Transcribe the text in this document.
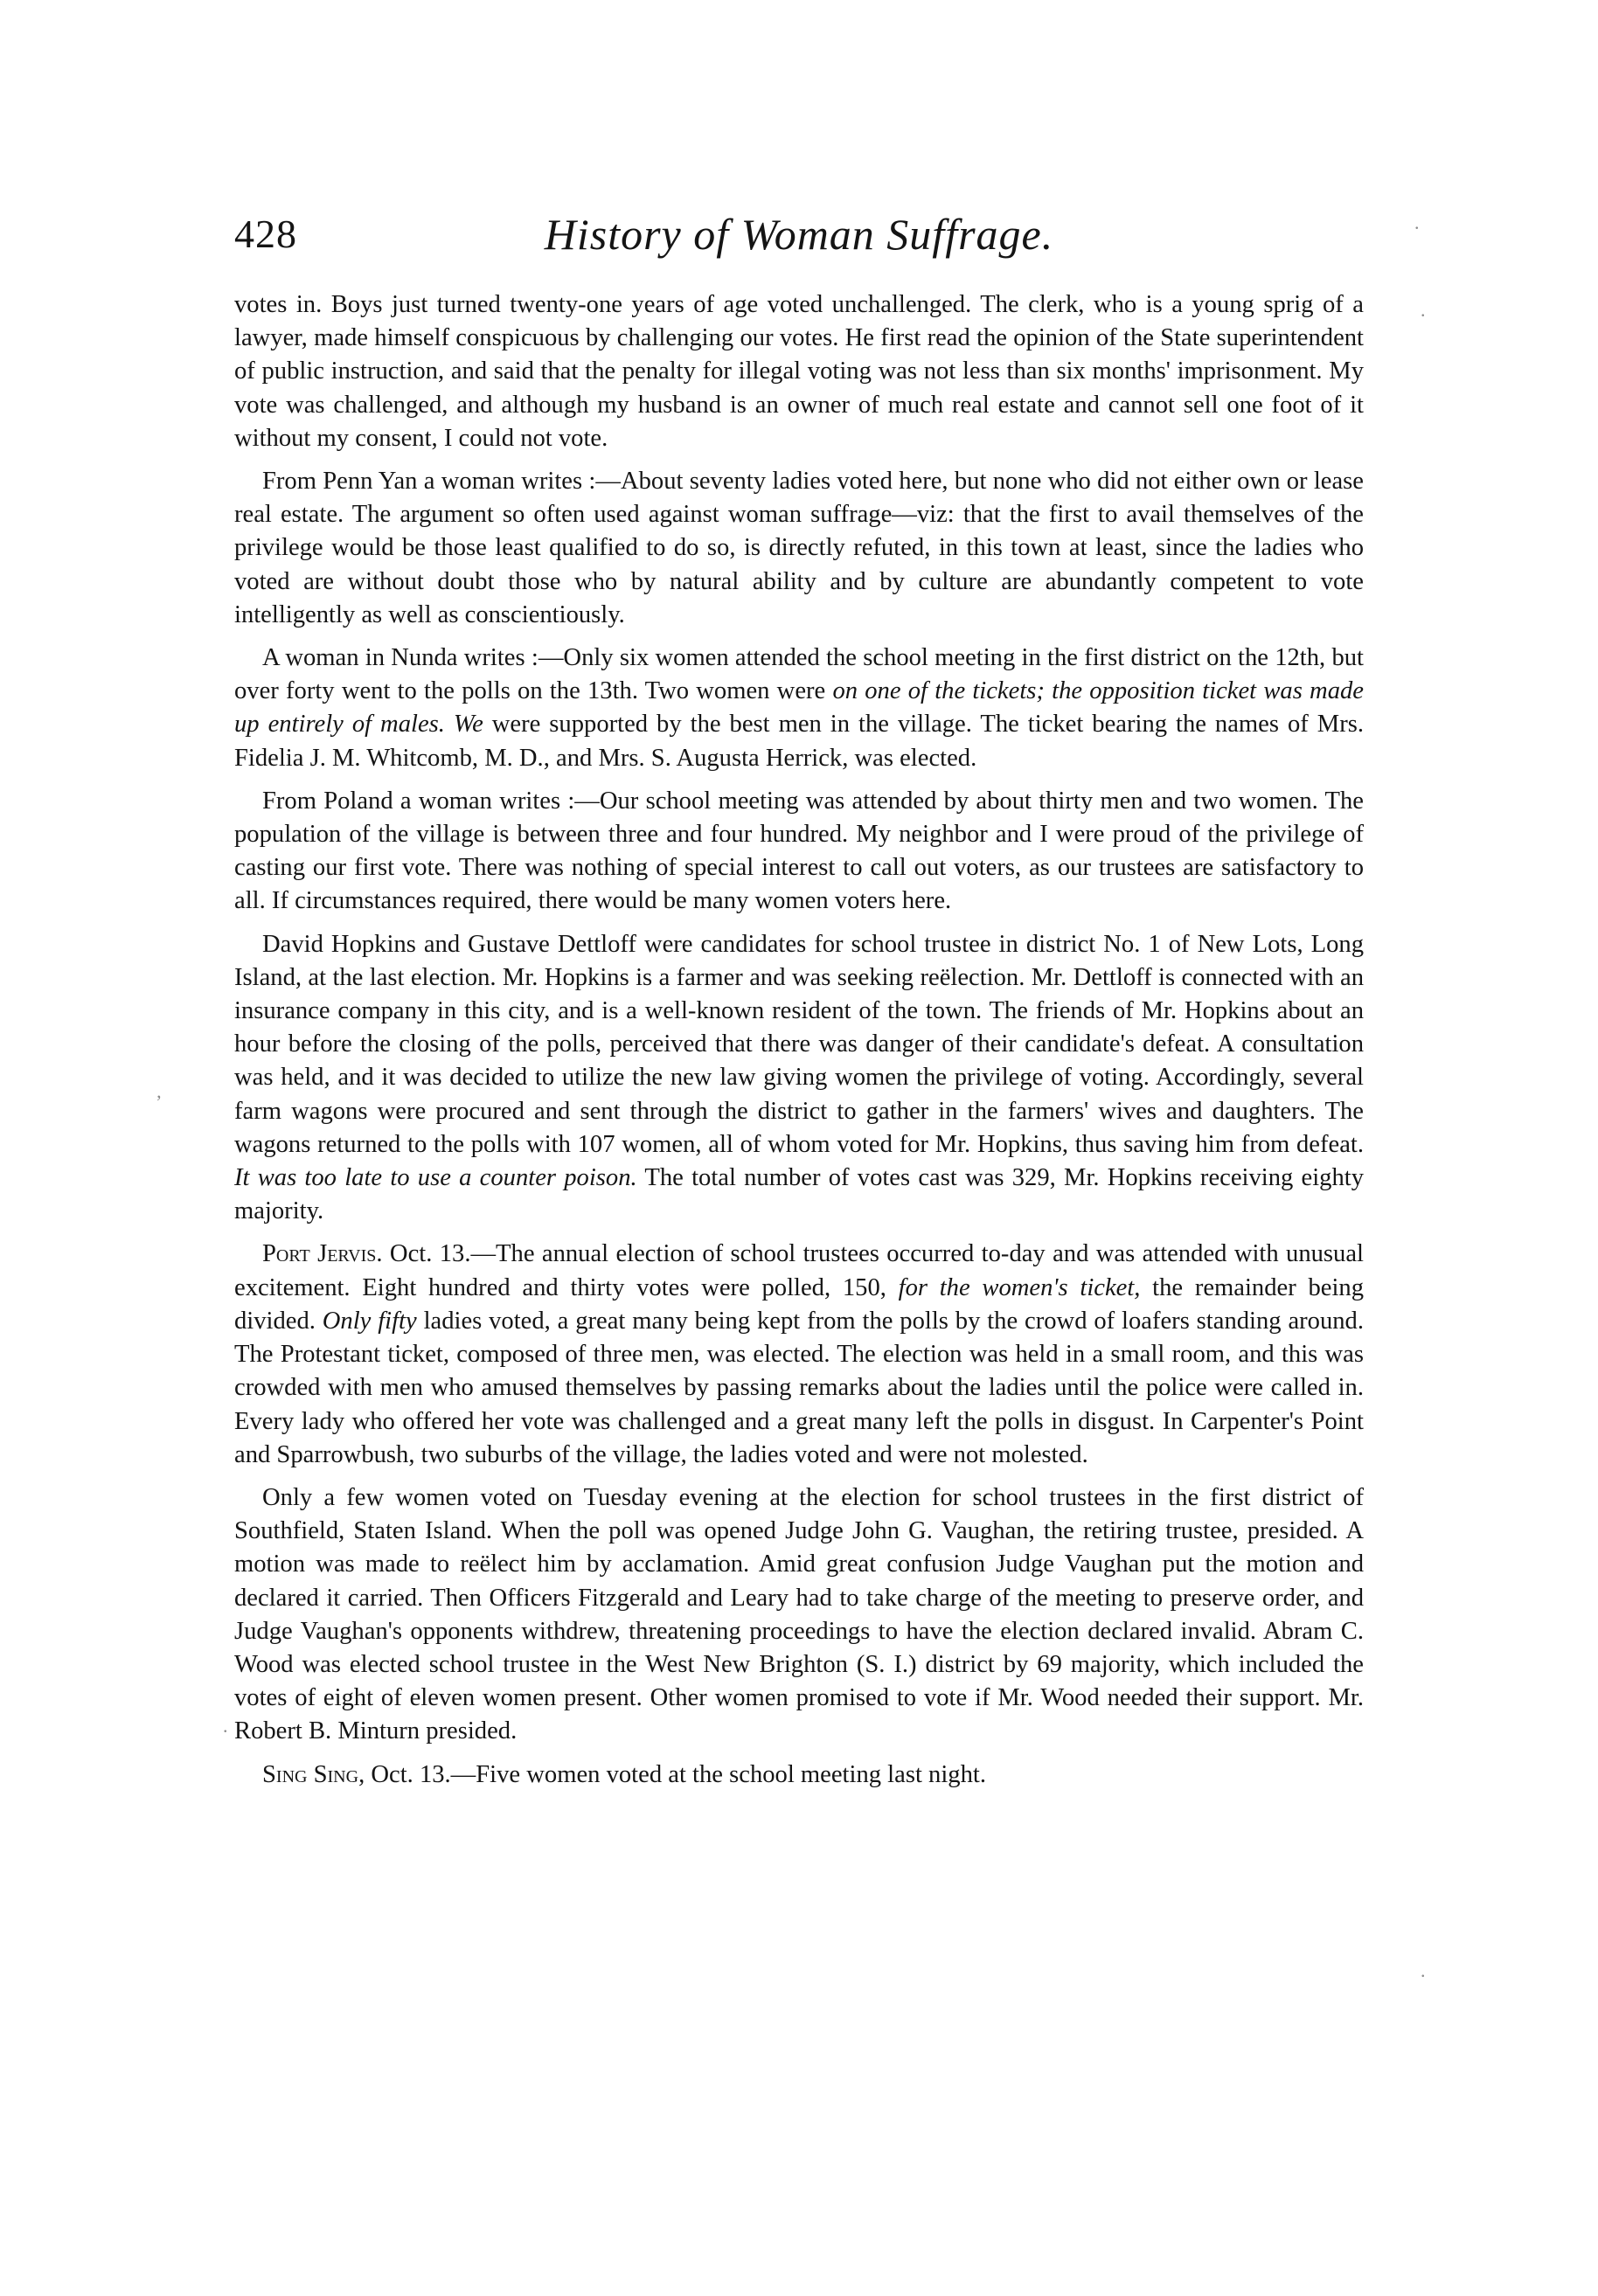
428	History of Woman Suffrage.

votes in. Boys just turned twenty-one years of age voted unchallenged. The clerk, who is a young sprig of a lawyer, made himself conspicuous by challenging our votes. He first read the opinion of the State superintendent of public instruction, and said that the penalty for illegal voting was not less than six months' imprisonment. My vote was challenged, and although my husband is an owner of much real estate and cannot sell one foot of it without my consent, I could not vote.

From Penn Yan a woman writes :—About seventy ladies voted here, but none who did not either own or lease real estate. The argument so often used against woman suffrage—viz: that the first to avail themselves of the privilege would be those least qualified to do so, is directly refuted, in this town at least, since the ladies who voted are without doubt those who by natural ability and by culture are abundantly competent to vote intelligently as well as conscientiously.

A woman in Nunda writes :—Only six women attended the school meeting in the first district on the 12th, but over forty went to the polls on the 13th. Two women were on one of the tickets; the opposition ticket was made up entirely of males. We were supported by the best men in the village. The ticket bearing the names of Mrs. Fidelia J. M. Whitcomb, M. D., and Mrs. S. Augusta Herrick, was elected.

From Poland a woman writes :—Our school meeting was attended by about thirty men and two women. The population of the village is between three and four hundred. My neighbor and I were proud of the privilege of casting our first vote. There was nothing of special interest to call out voters, as our trustees are satisfactory to all. If circumstances required, there would be many women voters here.

David Hopkins and Gustave Dettloff were candidates for school trustee in district No. 1 of New Lots, Long Island, at the last election. Mr. Hopkins is a farmer and was seeking reëlection. Mr. Dettloff is connected with an insurance company in this city, and is a well-known resident of the town. The friends of Mr. Hopkins about an hour before the closing of the polls, perceived that there was danger of their candidate's defeat. A consultation was held, and it was decided to utilize the new law giving women the privilege of voting. Accordingly, several farm wagons were procured and sent through the district to gather in the farmers' wives and daughters. The wagons returned to the polls with 107 women, all of whom voted for Mr. Hopkins, thus saving him from defeat. It was too late to use a counter poison. The total number of votes cast was 329, Mr. Hopkins receiving eighty majority.

Port Jervis. Oct. 13.—The annual election of school trustees occurred to-day and was attended with unusual excitement. Eight hundred and thirty votes were polled, 150, for the women's ticket, the remainder being divided. Only fifty ladies voted, a great many being kept from the polls by the crowd of loafers standing around. The Protestant ticket, composed of three men, was elected. The election was held in a small room, and this was crowded with men who amused themselves by passing remarks about the ladies until the police were called in. Every lady who offered her vote was challenged and a great many left the polls in disgust. In Carpenter's Point and Sparrowbush, two suburbs of the village, the ladies voted and were not molested.

Only a few women voted on Tuesday evening at the election for school trustees in the first district of Southfield, Staten Island. When the poll was opened Judge John G. Vaughan, the retiring trustee, presided. A motion was made to reëlect him by acclamation. Amid great confusion Judge Vaughan put the motion and declared it carried. Then Officers Fitzgerald and Leary had to take charge of the meeting to preserve order, and Judge Vaughan's opponents withdrew, threatening proceedings to have the election declared invalid. Abram C. Wood was elected school trustee in the West New Brighton (S. I.) district by 69 majority, which included the votes of eight of eleven women present. Other women promised to vote if Mr. Wood needed their support. Mr. Robert B. Minturn presided.

Sing Sing, Oct. 13.—Five women voted at the school meeting last night.

∙
∙
’
∙
∙
